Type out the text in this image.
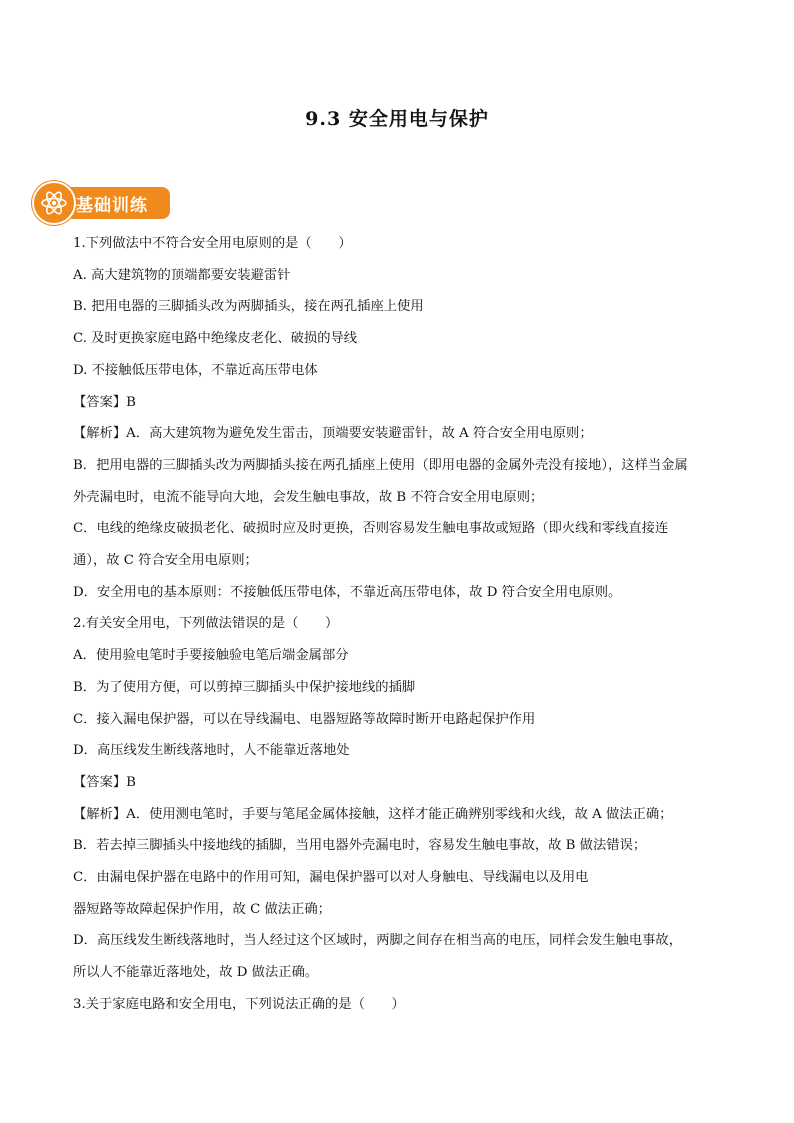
9.3 安全用电与保护
基础训练
1.下列做法中不符合安全用电原则的是（　　）
A. 高大建筑物的顶端都要安装避雷针
B. 把用电器的三脚插头改为两脚插头，接在两孔插座上使用
C. 及时更换家庭电路中绝缘皮老化、破损的导线
D. 不接触低压带电体，不靠近高压带电体
【答案】B
【解析】A．高大建筑物为避免发生雷击，顶端要安装避雷针，故 A 符合安全用电原则；
B．把用电器的三脚插头改为两脚插头接在两孔插座上使用（即用电器的金属外壳没有接地），这样当金属
外壳漏电时，电流不能导向大地，会发生触电事故，故 B 不符合安全用电原则；
C．电线的绝缘皮破损老化、破损时应及时更换，否则容易发生触电事故或短路（即火线和零线直接连
通），故 C 符合安全用电原则；
D．安全用电的基本原则：不接触低压带电体，不靠近高压带电体，故 D 符合安全用电原则。
2.有关安全用电，下列做法错误的是（　　）
A．使用验电笔时手要接触验电笔后端金属部分
B．为了使用方便，可以剪掉三脚插头中保护接地线的插脚
C．接入漏电保护器，可以在导线漏电、电器短路等故障时断开电路起保护作用
D．高压线发生断线落地时，人不能靠近落地处
【答案】B
【解析】A．使用测电笔时，手要与笔尾金属体接触，这样才能正确辨别零线和火线，故 A 做法正确；
B．若去掉三脚插头中接地线的插脚，当用电器外壳漏电时，容易发生触电事故，故 B 做法错误；
C．由漏电保护器在电路中的作用可知，漏电保护器可以对人身触电、导线漏电以及用电
器短路等故障起保护作用，故 C 做法正确；
D．高压线发生断线落地时，当人经过这个区域时，两脚之间存在相当高的电压，同样会发生触电事故，
所以人不能靠近落地处，故 D 做法正确。
3.关于家庭电路和安全用电，下列说法正确的是（　　）
